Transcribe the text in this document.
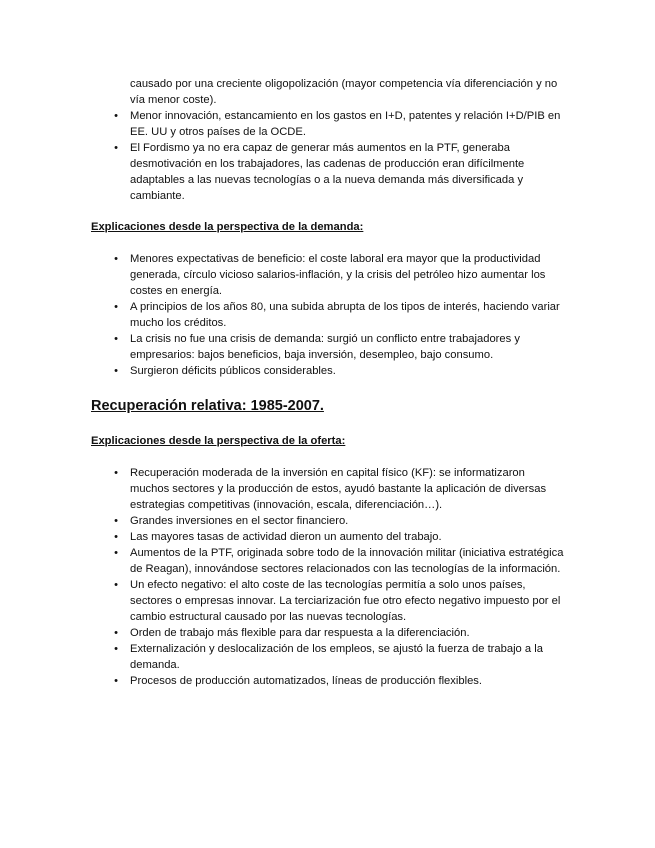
causado por una creciente oligopolización (mayor competencia vía diferenciación y no vía menor coste).
•	Menor innovación, estancamiento en los gastos en I+D, patentes y relación I+D/PIB en EE. UU y otros países de la OCDE.
•	El Fordismo ya no era capaz de generar más aumentos en la PTF, generaba desmotivación en los trabajadores, las cadenas de producción eran difícilmente adaptables a las nuevas tecnologías o a la nueva demanda más diversificada y cambiante.
Explicaciones desde la perspectiva de la demanda:
•	Menores expectativas de beneficio: el coste laboral era mayor que la productividad generada, círculo vicioso salarios-inflación, y la crisis del petróleo hizo aumentar los costes en energía.
•	A principios de los años 80, una subida abrupta de los tipos de interés, haciendo variar mucho los créditos.
•	La crisis no fue una crisis de demanda: surgió un conflicto entre trabajadores y empresarios: bajos beneficios, baja inversión, desempleo, bajo consumo.
•	Surgieron déficits públicos considerables.
Recuperación relativa: 1985-2007.
Explicaciones desde la perspectiva de la oferta:
•	Recuperación moderada de la inversión en capital físico (KF): se informatizaron muchos sectores y la producción de estos, ayudó bastante la aplicación de diversas estrategias competitivas (innovación, escala, diferenciación…).
•	Grandes inversiones en el sector financiero.
•	Las mayores tasas de actividad dieron un aumento del trabajo.
•	Aumentos de la PTF, originada sobre todo de la innovación militar (iniciativa estratégica de Reagan), innovándose sectores relacionados con las tecnologías de la información.
•	Un efecto negativo: el alto coste de las tecnologías permitía a solo unos países, sectores o empresas innovar. La terciarización fue otro efecto negativo impuesto por el cambio estructural causado por las nuevas tecnologías.
•	Orden de trabajo más flexible para dar respuesta a la diferenciación.
•	Externalización y deslocalización de los empleos, se ajustó la fuerza de trabajo a la demanda.
•	Procesos de producción automatizados, líneas de producción flexibles.
